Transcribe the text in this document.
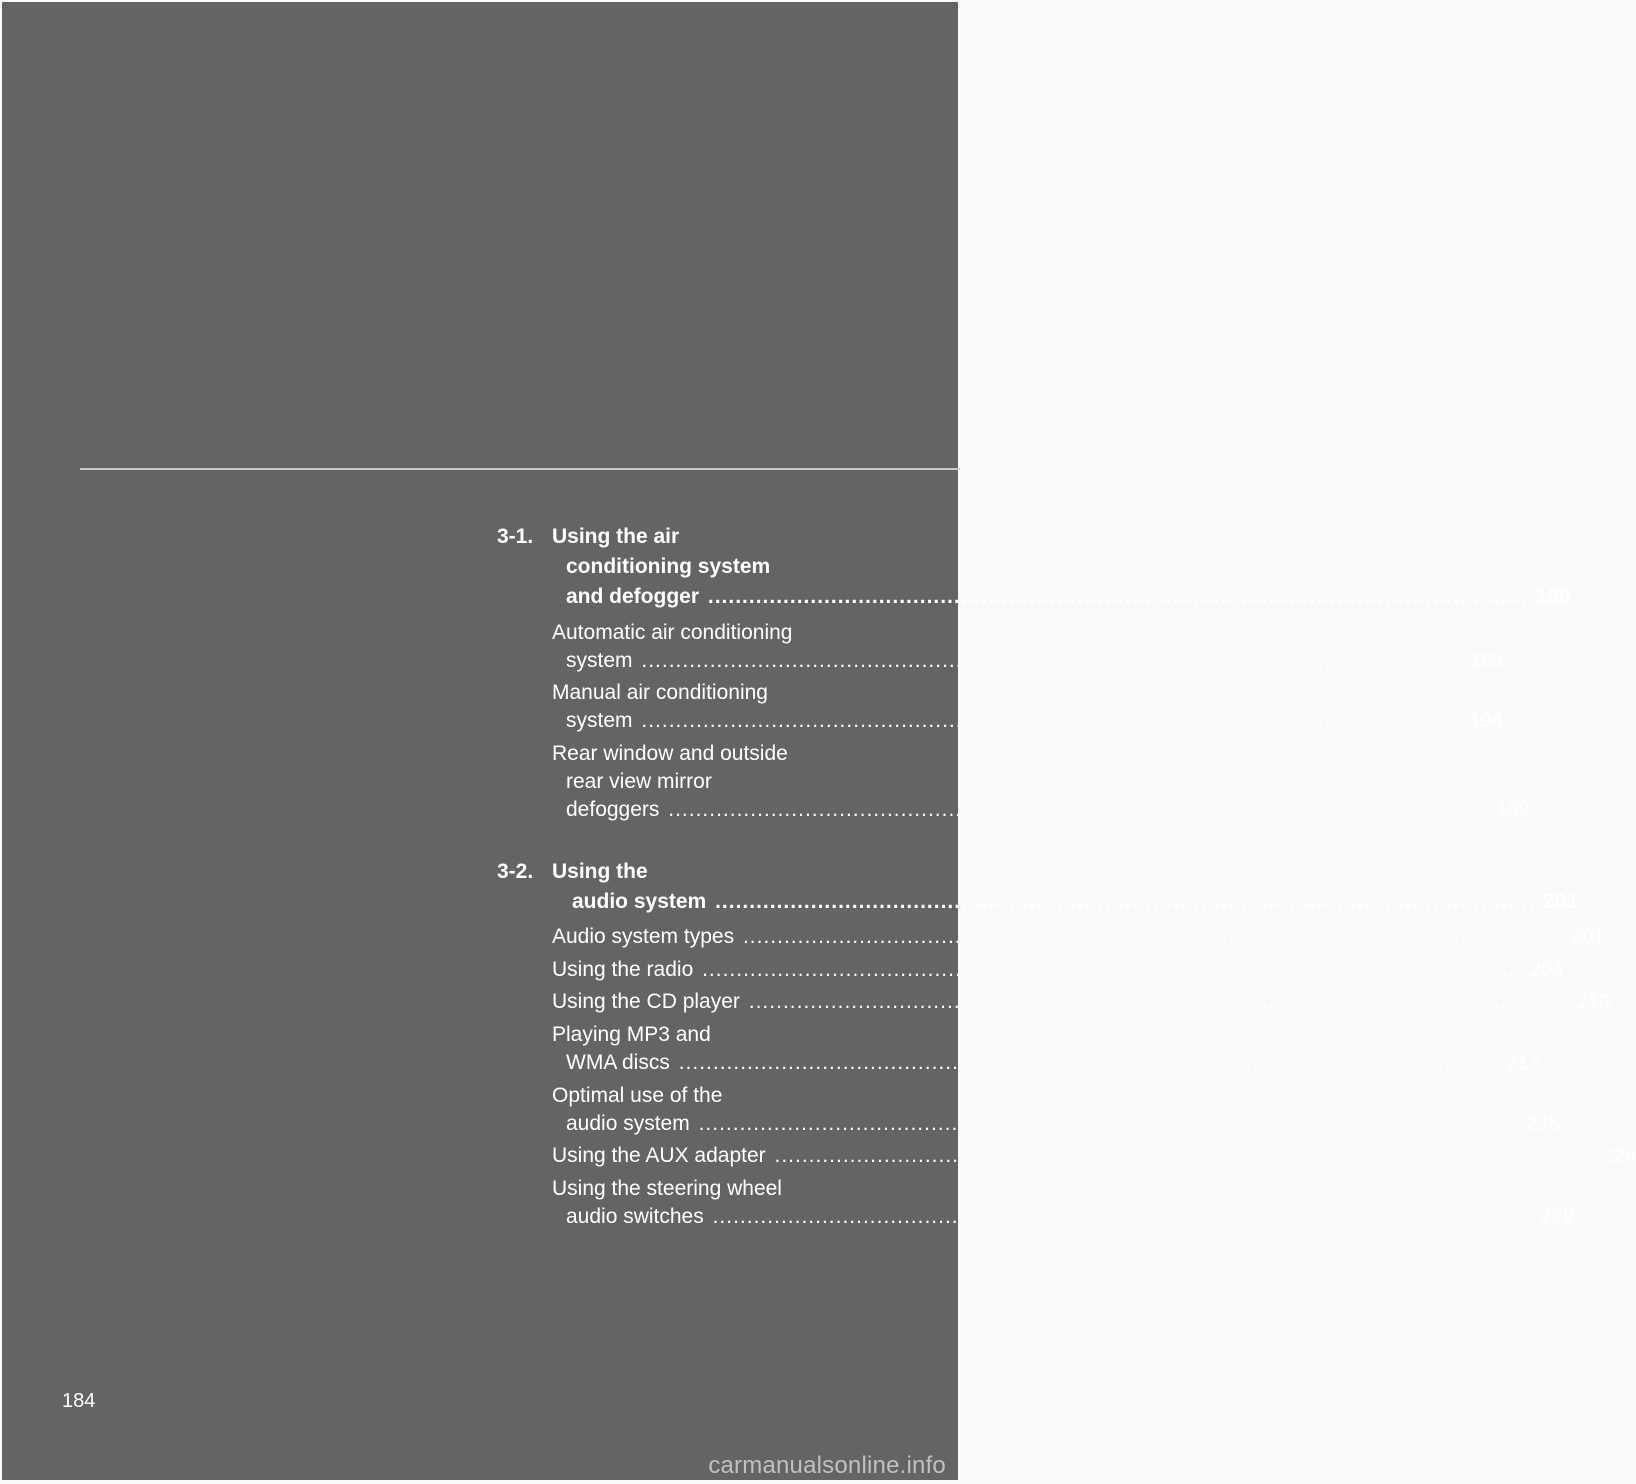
3-1. Using the air
conditioning system
and defogger .....	186
Automatic air conditioning
system .....	186
Manual air conditioning
system .....	194
Rear window and outside
rear view mirror
defoggers .....	199
3-2. Using the
audio system .....	201
Audio system types .....	201
Using the radio .....	204
Using the CD player .....	210
Playing MP3 and
WMA discs .....	217
Optimal use of the
audio system .....	225
Using the AUX adapter .....	228
Using the steering wheel
audio switches .....	229
184
carmanualsonline.info
